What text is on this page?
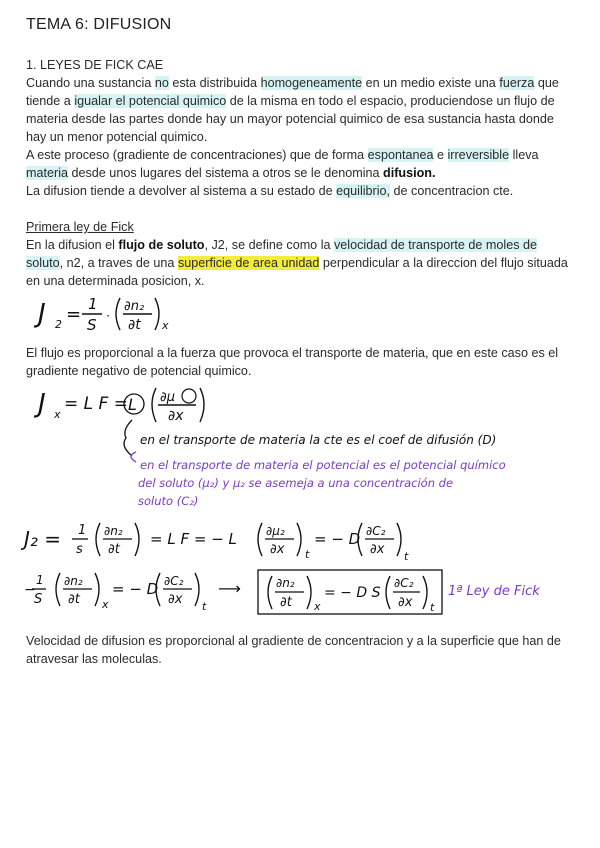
TEMA 6: DIFUSION

1. LEYES DE FICK CAE

Cuando una sustancia no esta distribuida homogeneamente en un medio existe una fuerza que tiende a igualar el potencial quimico de la misma en todo el espacio, produciendose un flujo de materia desde las partes donde hay un mayor potencial quimico de esa sustancia hasta donde hay un menor potencial quimico.

A este proceso (gradiente de concentraciones) que de forma espontanea e irreversible lleva materia desde unos lugares del sistema a otros se le denomina difusion.

La difusion tiende a devolver al sistema a su estado de equilibrio, de concentracion cte.

Primera ley de Fick

En la difusion el flujo de soluto, J2, se define como la velocidad de transporte de moles de soluto, n2, a traves de una superficie de area unidad perpendicular a la direccion del flujo situada en una determinada posicion, x.

J 2 = 1
S ·
∂n₂
∂t x

El flujo es proporcional a la fuerza que provoca el transporte de materia, que en este caso es el gradiente negativo de potencial quimico.

J x
= L F = L ∂μ
∂x
en el transporte de materia la cte es el coef de difusión (D)
en el transporte de materia el potencial es el potencial químico
del soluto (μ₂) y μ₂ se asemeja a una concentración de
soluto (C₂)
J₂ = 1
s
∂n₂
∂t
= L F = − L ∂μ₂
∂x t
= − D ∂C₂
∂x t
−
1
S
∂n₂
∂t x
= − D ∂C₂
∂x t
⟶	∂n₂
∂t x
= − D S
∂C₂
∂x t
1ª Ley de Fick

Velocidad de difusion es proporcional al gradiente de concentracion y a la superficie que han de atravesar las moleculas.
